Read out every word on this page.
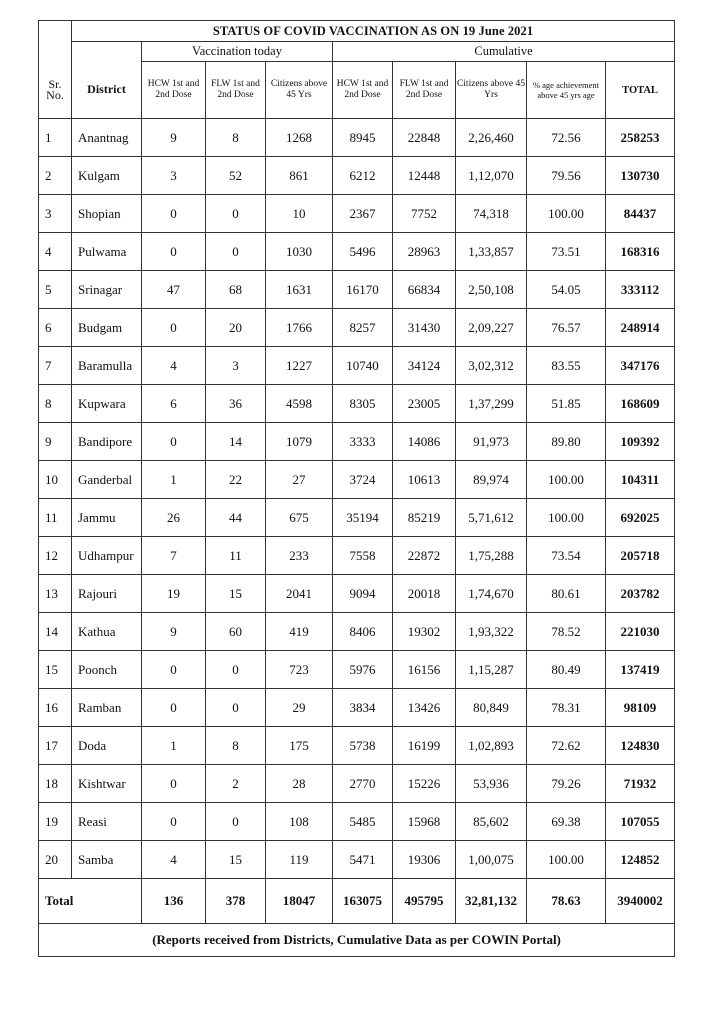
	STATUS OF COVID VACCINATION AS ON 19 June 2021								
		Vaccination today			Cumulative				
Sr. No.	District	HCW 1st and 2nd Dose	FLW 1st and 2nd Dose	Citizens above 45 Yrs	HCW 1st and 2nd Dose	FLW 1st and 2nd Dose	Citizens above 45 Yrs	% age achievement above 45 yrs age	TOTAL
1	Anantnag	9	8	1268	8945	22848	2,26,460	72.56	258253
2	Kulgam	3	52	861	6212	12448	1,12,070	79.56	130730
3	Shopian	0	0	10	2367	7752	74,318	100.00	84437
4	Pulwama	0	0	1030	5496	28963	1,33,857	73.51	168316
5	Srinagar	47	68	1631	16170	66834	2,50,108	54.05	333112
6	Budgam	0	20	1766	8257	31430	2,09,227	76.57	248914
7	Baramulla	4	3	1227	10740	34124	3,02,312	83.55	347176
8	Kupwara	6	36	4598	8305	23005	1,37,299	51.85	168609
9	Bandipore	0	14	1079	3333	14086	91,973	89.80	109392
10	Ganderbal	1	22	27	3724	10613	89,974	100.00	104311
11	Jammu	26	44	675	35194	85219	5,71,612	100.00	692025
12	Udhampur	7	11	233	7558	22872	1,75,288	73.54	205718
13	Rajouri	19	15	2041	9094	20018	1,74,670	80.61	203782
14	Kathua	9	60	419	8406	19302	1,93,322	78.52	221030
15	Poonch	0	0	723	5976	16156	1,15,287	80.49	137419
16	Ramban	0	0	29	3834	13426	80,849	78.31	98109
17	Doda	1	8	175	5738	16199	1,02,893	72.62	124830
18	Kishtwar	0	2	28	2770	15226	53,936	79.26	71932
19	Reasi	0	0	108	5485	15968	85,602	69.38	107055
20	Samba	4	15	119	5471	19306	1,00,075	100.00	124852
Total		136	378	18047	163075	495795	32,81,132	78.63	3940002
(Reports received from Districts, Cumulative Data as per COWIN Portal)									
